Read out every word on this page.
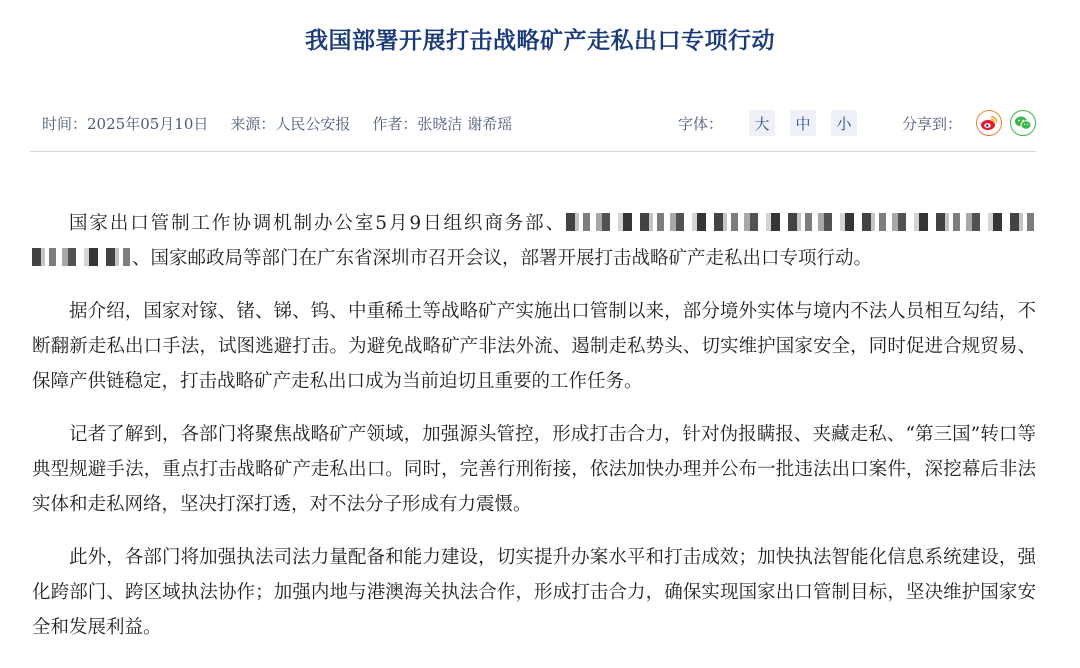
我国部署开展打击战略矿产走私出口专项行动
时间：2025年05月10日 来源：人民公安报 作者：张晓洁 谢希瑶	字体：	大	中	小	分享到：

国家出口管制工作协调机制办公室5月9日组织商务部、、国家邮政局等部门在广东省深圳市召开会议，部署开展打击战略矿产走私出口专项行动。

据介绍，国家对镓、锗、锑、钨、中重稀土等战略矿产实施出口管制以来，部分境外实体与境内不法人员相互勾结，不断翻新走私出口手法，试图逃避打击。为避免战略矿产非法外流、遏制走私势头、切实维护国家安全，同时促进合规贸易、保障产供链稳定，打击战略矿产走私出口成为当前迫切且重要的工作任务。

记者了解到，各部门将聚焦战略矿产领域，加强源头管控，形成打击合力，针对伪报瞒报、夹藏走私、“第三国”转口等典型规避手法，重点打击战略矿产走私出口。同时，完善行刑衔接，依法加快办理并公布一批违法出口案件，深挖幕后非法实体和走私网络，坚决打深打透，对不法分子形成有力震慑。

此外，各部门将加强执法司法力量配备和能力建设，切实提升办案水平和打击成效；加快执法智能化信息系统建设，强化跨部门、跨区域执法协作；加强内地与港澳海关执法合作，形成打击合力，确保实现国家出口管制目标，坚决维护国家安全和发展利益。
